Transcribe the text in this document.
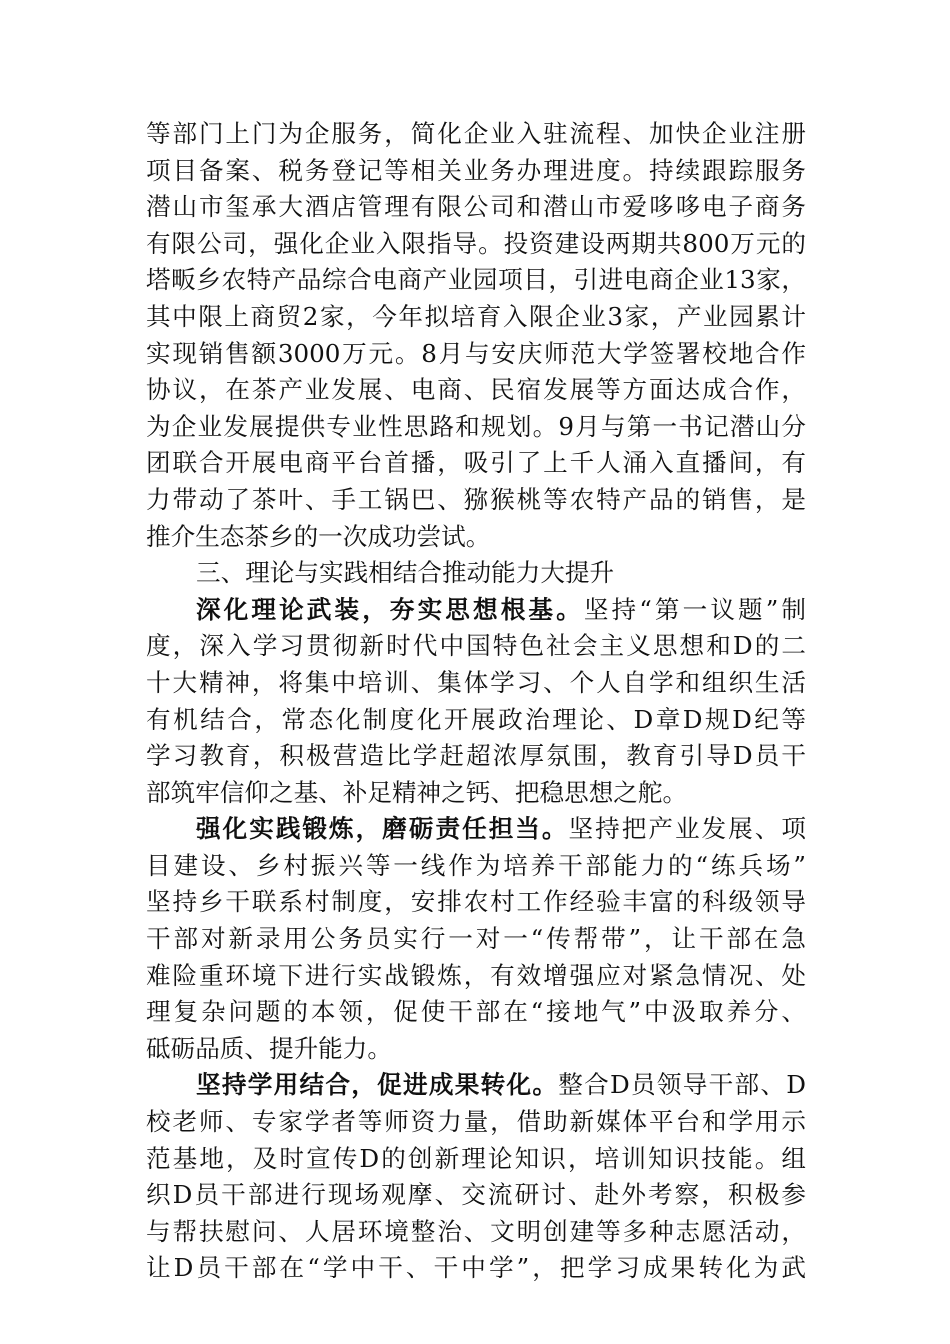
等部门上门为企服务，简化企业入驻流程、加快企业注册
项目备案、税务登记等相关业务办理进度。持续跟踪服务
潜山市玺承大酒店管理有限公司和潜山市爱哆哆电子商务
有限公司，强化企业入限指导。投资建设两期共800万元的
塔畈乡农特产品综合电商产业园项目，引进电商企业13家，
其中限上商贸2家，今年拟培育入限企业3家，产业园累计
实现销售额3000万元。8月与安庆师范大学签署校地合作
协议，在茶产业发展、电商、民宿发展等方面达成合作，
为企业发展提供专业性思路和规划。9月与第一书记潜山分
团联合开展电商平台首播，吸引了上千人涌入直播间，有
力带动了茶叶、手工锅巴、猕猴桃等农特产品的销售，是
推介生态茶乡的一次成功尝试。
三、理论与实践相结合推动能力大提升
深化理论武装，夯实思想根基。坚持“第一议题”制
度，深入学习贯彻新时代中国特色社会主义思想和D的二
十大精神，将集中培训、集体学习、个人自学和组织生活
有机结合，常态化制度化开展政治理论、D章D规D纪等
学习教育，积极营造比学赶超浓厚氛围，教育引导D员干
部筑牢信仰之基、补足精神之钙、把稳思想之舵。
强化实践锻炼，磨砺责任担当。坚持把产业发展、项
目建设、乡村振兴等一线作为培养干部能力的“练兵场”
坚持乡干联系村制度，安排农村工作经验丰富的科级领导
干部对新录用公务员实行一对一“传帮带”，让干部在急
难险重环境下进行实战锻炼，有效增强应对紧急情况、处
理复杂问题的本领，促使干部在“接地气”中汲取养分、
砥砺品质、提升能力。
坚持学用结合，促进成果转化。整合D员领导干部、D
校老师、专家学者等师资力量，借助新媒体平台和学用示
范基地，及时宣传D的创新理论知识，培训知识技能。组
织D员干部进行现场观摩、交流研讨、赴外考察，积极参
与帮扶慰问、人居环境整治、文明创建等多种志愿活动，
让D员干部在“学中干、干中学”，把学习成果转化为武
